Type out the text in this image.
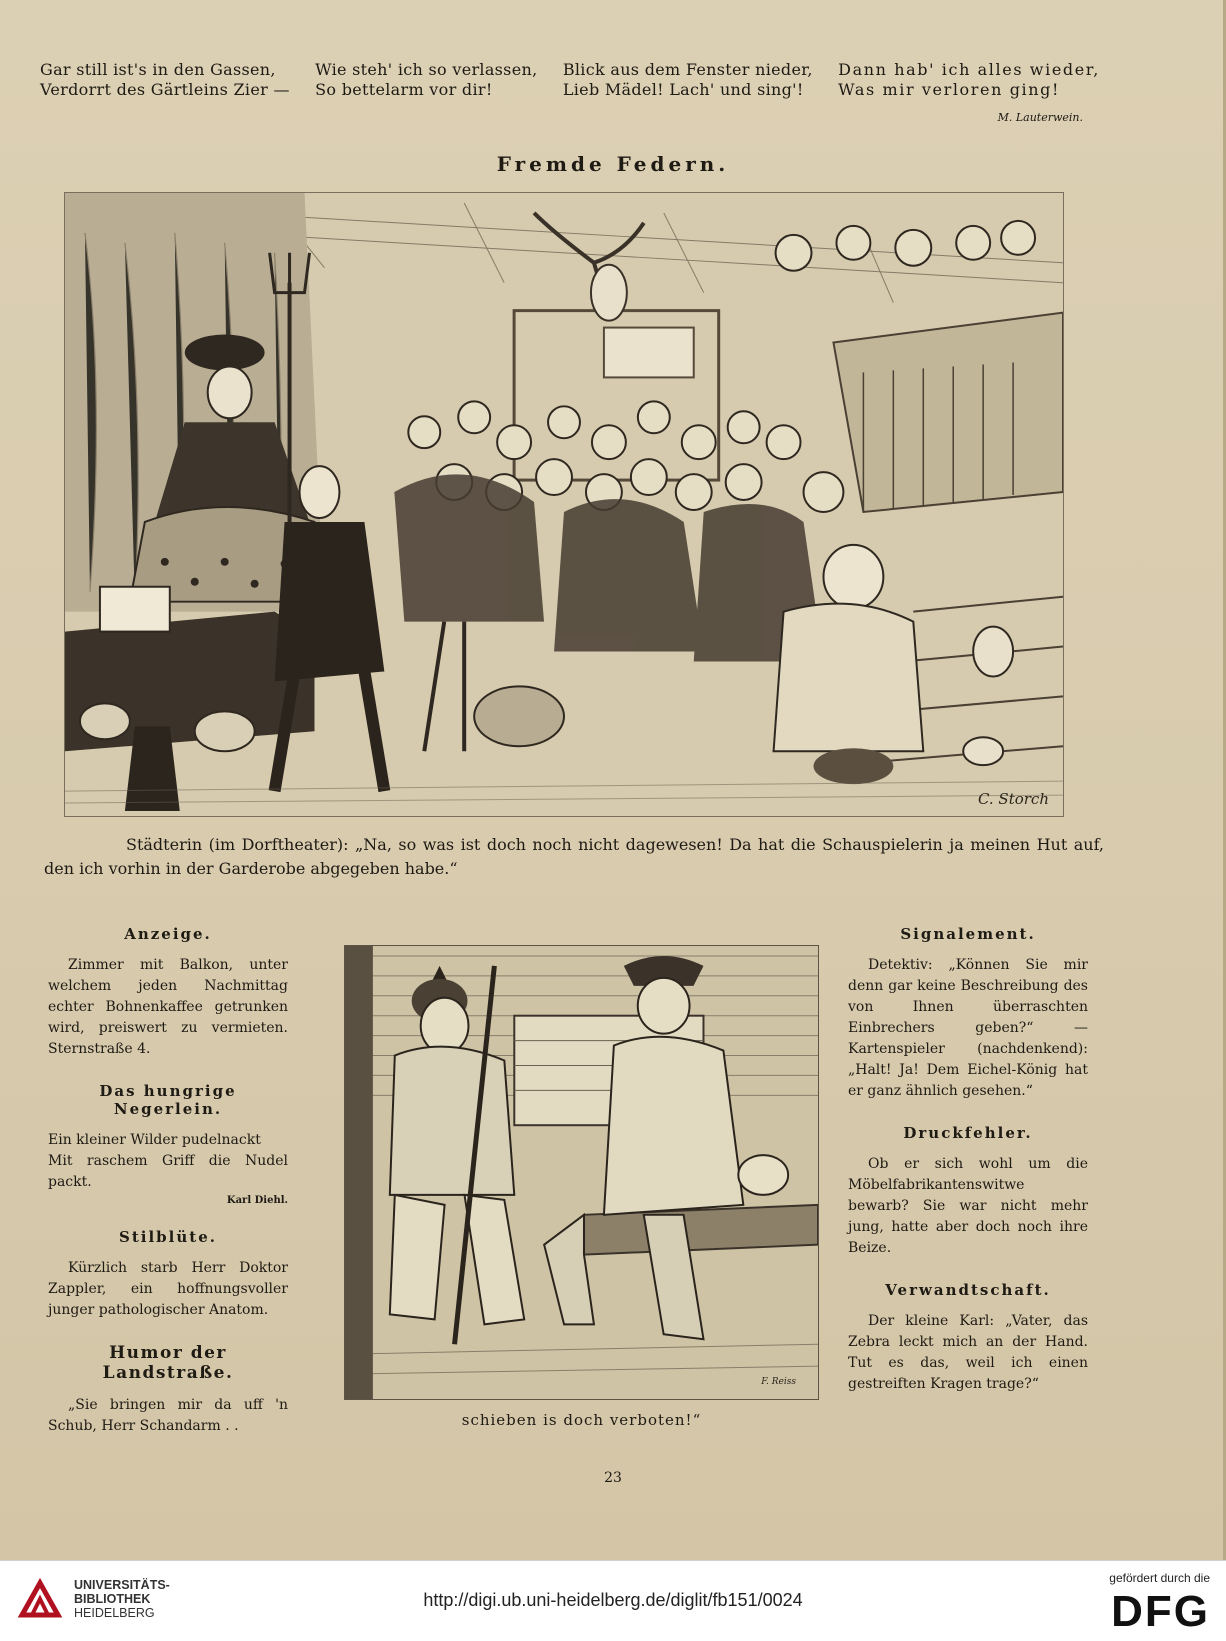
Gar still ist's in den Gassen,
Verdorrt des Gärtleins Zier —
Wie steh' ich so verlassen,
So bettelarm vor dir!
Blick aus dem Fenster nieder,
Lieb Mädel! Lach' und sing'!
Dann hab' ich alles wieder,
Was mir verloren ging!
M. Lauterwein.
Fremde Federn.
C. Storch
Städterin (im Dorftheater): „Na, so was ist doch noch nicht dagewesen! Da hat die Schauspielerin ja meinen Hut auf, den ich vorhin in der Garderobe abgegeben habe.“
Anzeige.
Zimmer mit Balkon, unter welchem jeden Nachmittag echter Bohnenkaffee getrunken wird, preiswert zu vermieten. Sternstraße 4.
Das hungrige Negerlein.
Ein kleiner Wilder pudelnackt
Mit raschem Griff die Nudel packt.
Karl Diehl.
Stilblüte.
Kürzlich starb Herr Doktor Zappler, ein hoffnungsvoller junger pathologischer Anatom.
Humor der Landstraße.
„Sie bringen mir da uff 'n Schub, Herr Schandarm . .
F. Reiss
schieben is doch verboten!“
Signalement.
Detektiv: „Können Sie mir denn gar keine Beschreibung des von Ihnen überraschten Einbrechers geben?“ — Kartenspieler (nachdenkend): „Halt! Ja! Dem Eichel-König hat er ganz ähnlich gesehen.“
Druckfehler.
Ob er sich wohl um die Möbelfabrikantenswitwe bewarb? Sie war nicht mehr jung, hatte aber doch noch ihre Beize.
Verwandtschaft.
Der kleine Karl: „Vater, das Zebra leckt mich an der Hand. Tut es das, weil ich einen gestreiften Kragen trage?“
23
UNIVERSITÄTS-
BIBLIOTHEK
HEIDELBERG
http://digi.ub.uni-heidelberg.de/diglit/fb151/0024
gefördert durch die
DFG
